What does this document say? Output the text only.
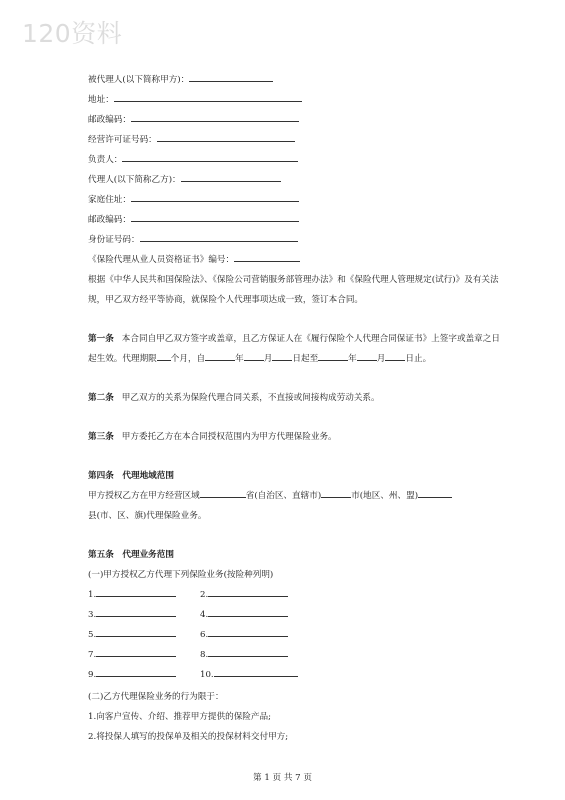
120资料
被代理人(以下简称甲方)：
地址：
邮政编码：
经营许可证号码：
负责人：
代理人(以下简称乙方)：
家庭住址：
邮政编码：
身份证号码：
《保险代理从业人员资格证书》编号：
根据《中华人民共和国保险法》、《保险公司营销服务部管理办法》和《保险代理人管理规定(试行)》及有关法规，甲乙双方经平等协商，就保险个人代理事项达成一致，签订本合同。
第一条 本合同自甲乙双方签字或盖章，且乙方保证人在《履行保险个人代理合同保证书》上签字或盖章之日起生效。代理期限 个月，自	年 月 日起至	年 月 日止。
第二条 甲乙双方的关系为保险代理合同关系，不直接或间接构成劳动关系。
第三条 甲方委托乙方在本合同授权范围内为甲方代理保险业务。
第四条　代理地域范围
甲方授权乙方在甲方经营区域	省(自治区、直辖市)	市(地区、州、盟)
县(市、区、旗)代理保险业务。
第五条　代理业务范围
(一)甲方授权乙方代理下列保险业务(按险种列明)
1.	2.
3.	4.
5.	6.
7.	8.
9.	10.
(二)乙方代理保险业务的行为限于：
1.向客户宣传、介绍、推荐甲方提供的保险产品;
2.将投保人填写的投保单及相关的投保材料交付甲方;
第 1 页 共 7 页
